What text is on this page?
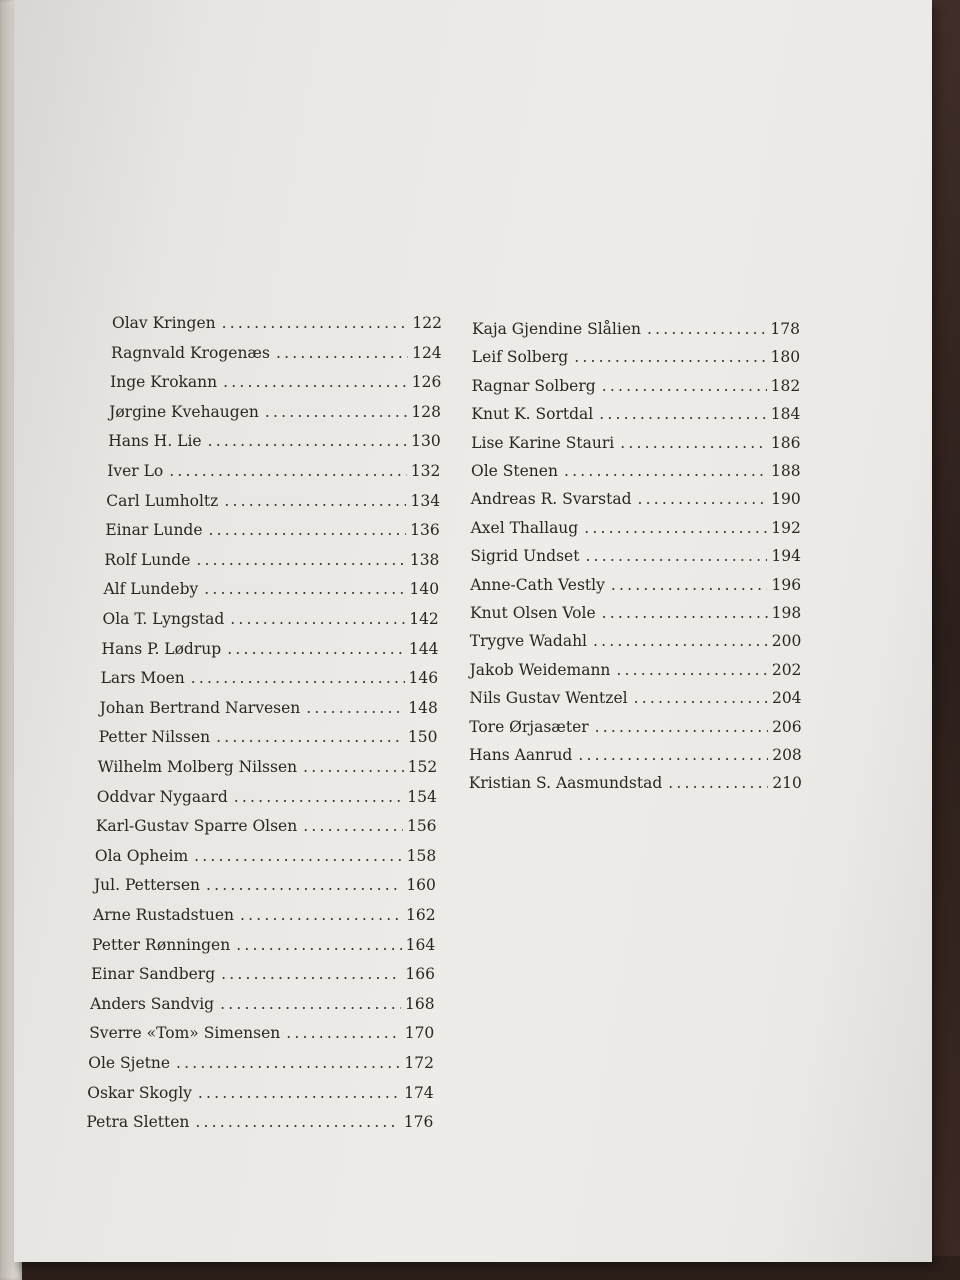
Olav Kringen .....	122
Ragnvald Krogenæs .....	124
Inge Krokann .....	126
Jørgine Kvehaugen .....	128
Hans H. Lie .....	130
Iver Lo .....	132
Carl Lumholtz .....	134
Einar Lunde .....	136
Rolf Lunde .....	138
Alf Lundeby .....	140
Ola T. Lyngstad .....	142
Hans P. Lødrup .....	144
Lars Moen .....	146
Johan Bertrand Narvesen .....	148
Petter Nilssen .....	150
Wilhelm Molberg Nilssen .....	152
Oddvar Nygaard .....	154
Karl-Gustav Sparre Olsen .....	156
Ola Opheim .....	158
Jul. Pettersen .....	160
Arne Rustadstuen .....	162
Petter Rønningen .....	164
Einar Sandberg .....	166
Anders Sandvig .....	168
Sverre «Tom» Simensen .....	170
Ole Sjetne .....	172
Oskar Skogly .....	174
Petra Sletten .....	176
Kaja Gjendine Slålien .....	178
Leif Solberg .....	180
Ragnar Solberg .....	182
Knut K. Sortdal .....	184
Lise Karine Stauri .....	186
Ole Stenen .....	188
Andreas R. Svarstad .....	190
Axel Thallaug .....	192
Sigrid Undset .....	194
Anne-Cath Vestly .....	196
Knut Olsen Vole .....	198
Trygve Wadahl .....	200
Jakob Weidemann .....	202
Nils Gustav Wentzel .....	204
Tore Ørjasæter .....	206
Hans Aanrud .....	208
Kristian S. Aasmundstad .....	210
